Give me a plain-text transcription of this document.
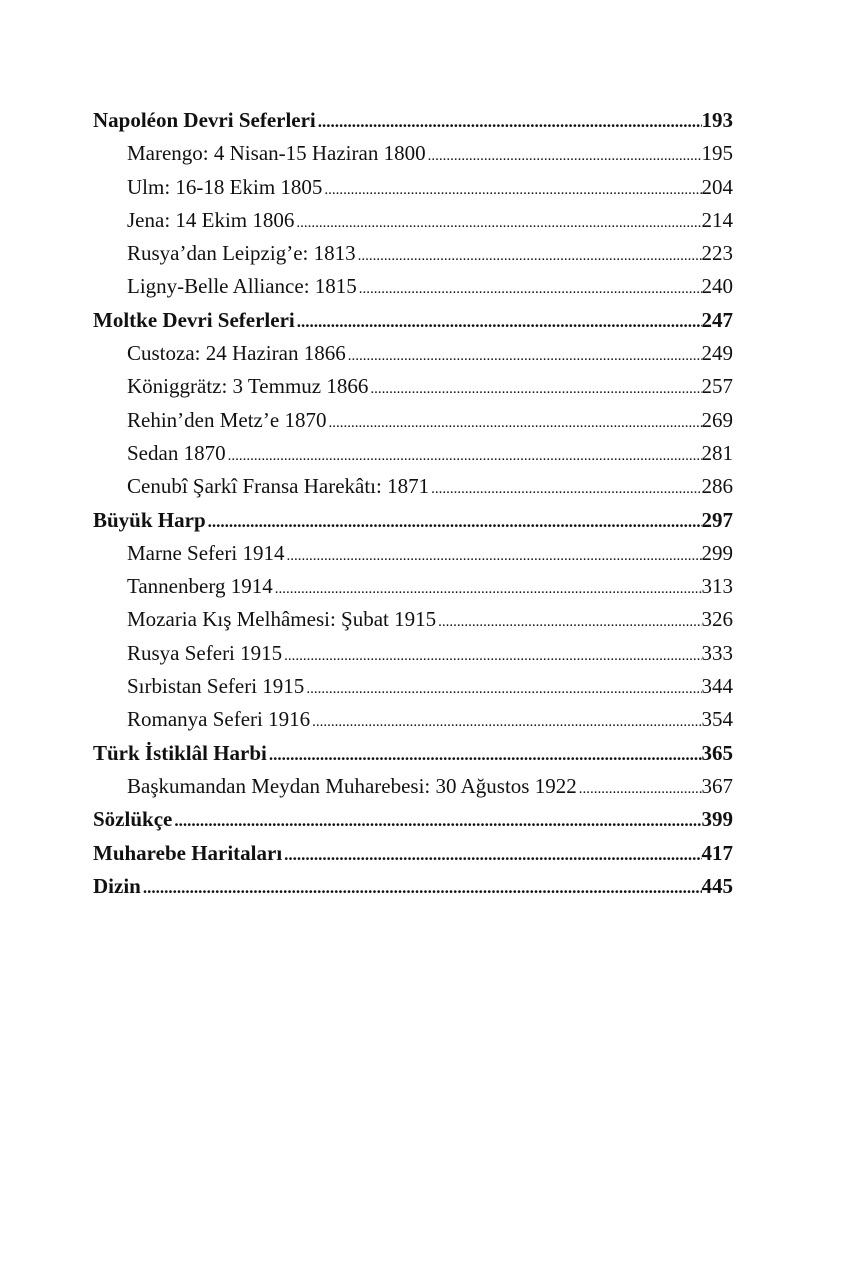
Napoléon Devri Seferleri .....	193
Marengo: 4 Nisan-15 Haziran 1800 .....	195
Ulm: 16-18 Ekim 1805 .....	204
Jena: 14 Ekim 1806 .....	214
Rusya’dan Leipzig’e: 1813 .....	223
Ligny-Belle Alliance: 1815 .....	240
Moltke Devri Seferleri .....	247
Custoza: 24 Haziran 1866 .....	249
Königgrätz: 3 Temmuz 1866 .....	257
Rehin’den Metz’e 1870 .....	269
Sedan 1870 .....	281
Cenubî Şarkî Fransa Harekâtı: 1871 .....	286
Büyük Harp .....	297
Marne Seferi 1914 .....	299
Tannenberg 1914 .....	313
Mozaria Kış Melhâmesi: Şubat 1915 .....	326
Rusya Seferi 1915 .....	333
Sırbistan Seferi 1915 .....	344
Romanya Seferi 1916 .....	354
Türk İstiklâl Harbi .....	365
Başkumandan Meydan Muharebesi: 30 Ağustos 1922 .....	367
Sözlükçe .....	399
Muharebe Haritaları .....	417
Dizin .....	445
